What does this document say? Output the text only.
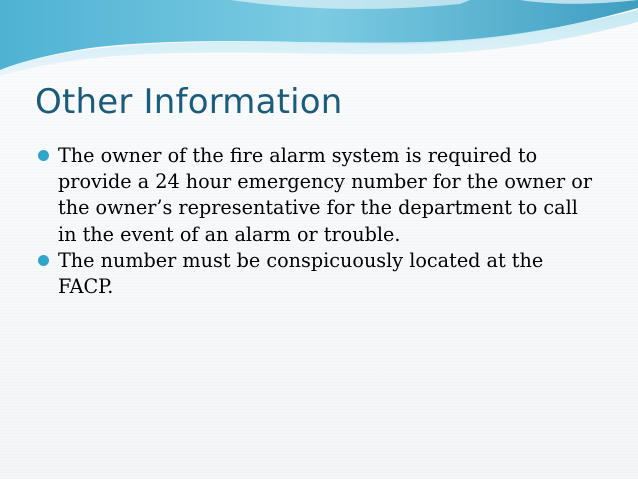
Other Information
The owner of the fire alarm system is required to provide a 24 hour emergency number for the owner or the owner’s representative for the department to call in the event of an alarm or trouble.
The number must be conspicuously located at the FACP.
